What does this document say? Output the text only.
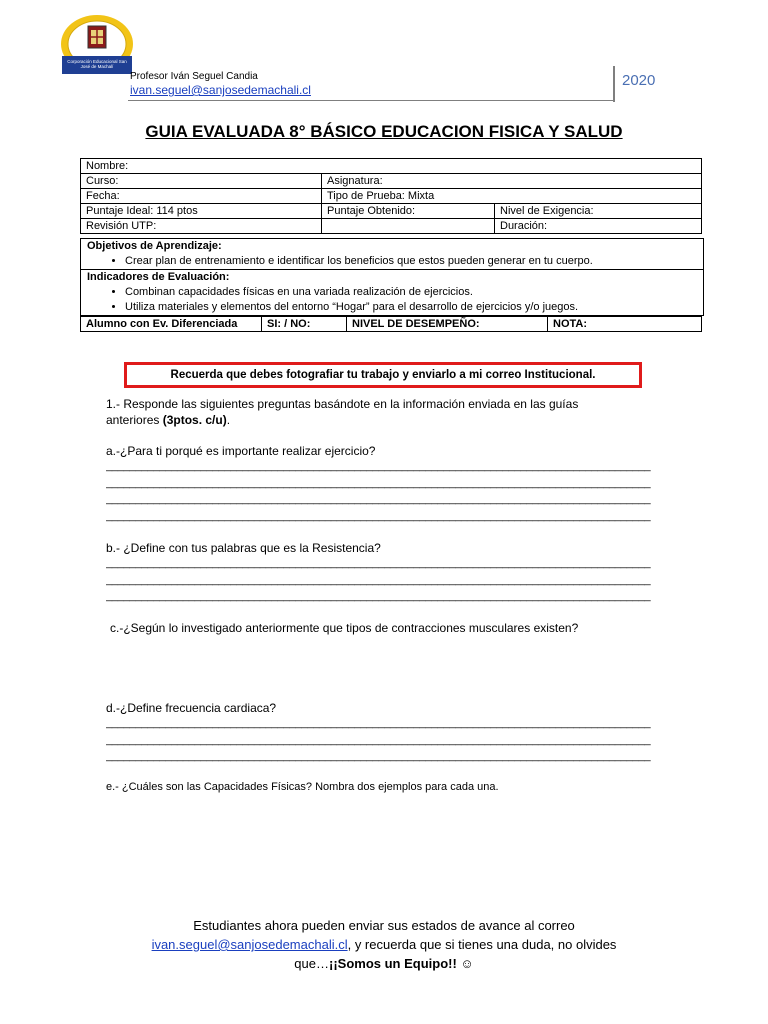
Corporación Educacional San José de Machalí
Profesor Iván Seguel Candia
ivan.seguel@sanjosedemachali.cl
2020
GUIA EVALUADA 8° BÁSICO EDUCACION FISICA Y SALUD
Nombre:		
Curso:	Asignatura:	
Fecha:	Tipo de Prueba: Mixta	
Puntaje Ideal: 114 ptos	Puntaje Obtenido:	Nivel de Exigencia:
Revisión UTP:		Duración:
Objetivos de Aprendizaje:
• Crear plan de entrenamiento e identificar los beneficios que estos pueden generar en tu cuerpo.
Indicadores de Evaluación:
• Combinan capacidades físicas en una variada realización de ejercicios.
• Utiliza materiales y elementos del entorno “Hogar” para el desarrollo de ejercicios y/o juegos.
Alumno con Ev. Diferenciada	SI: / NO:	NIVEL DE DESEMPEÑO:	NOTA:
Recuerda que debes fotografiar tu trabajo y enviarlo a mi correo Institucional.
1.- Responde las siguientes preguntas basándote en la información enviada en las guías
anteriores (3ptos. c/u).
a.-¿Para ti porqué es importante realizar ejercicio?
____________________________________________________________________________________________
____________________________________________________________________________________________
____________________________________________________________________________________________
____________________________________________________________________________________________
b.- ¿Define con tus palabras que es la Resistencia?
____________________________________________________________________________________________
____________________________________________________________________________________________
____________________________________________________________________________________________
c.-¿Según lo investigado anteriormente que tipos de contracciones musculares existen?
d.-¿Define frecuencia cardiaca?
____________________________________________________________________________________________
____________________________________________________________________________________________
____________________________________________________________________________________________
e.- ¿Cuáles son las Capacidades Físicas? Nombra dos ejemplos para cada una.
Estudiantes ahora pueden enviar sus estados de avance al correo
ivan.seguel@sanjosedemachali.cl, y recuerda que si tienes una duda, no olvides
que…¡¡Somos un Equipo!! ☺
